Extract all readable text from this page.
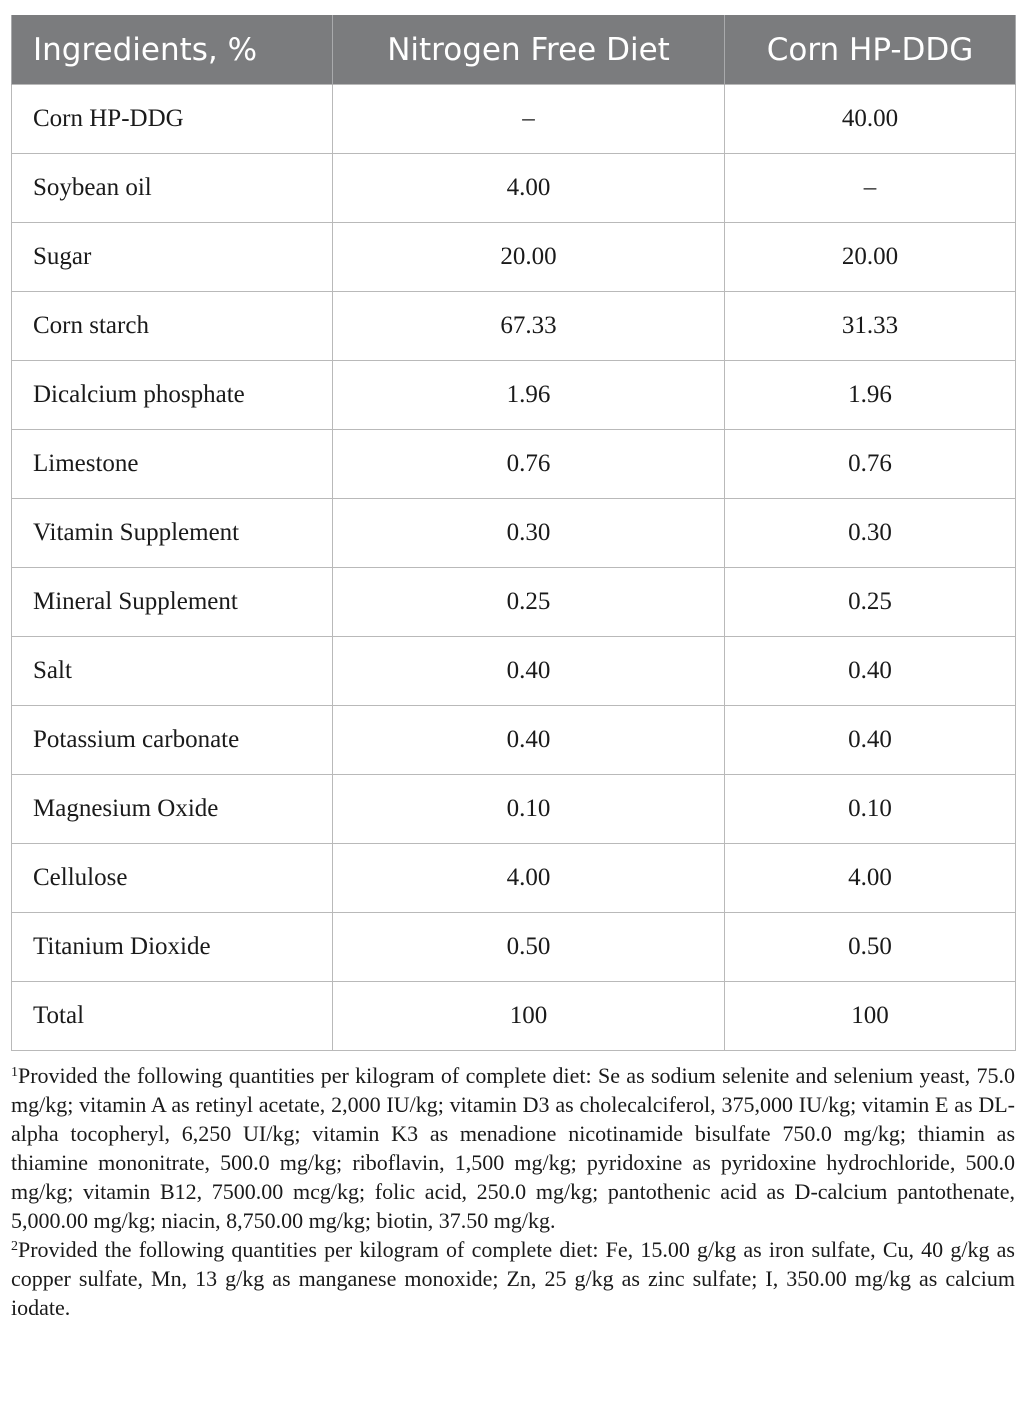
Ingredients, %	Nitrogen Free Diet	Corn HP-DDG
Corn HP-DDG	–	40.00
Soybean oil	4.00	–
Sugar	20.00	20.00
Corn starch	67.33	31.33
Dicalcium phosphate	1.96	1.96
Limestone	0.76	0.76
Vitamin Supplement	0.30	0.30
Mineral Supplement	0.25	0.25
Salt	0.40	0.40
Potassium carbonate	0.40	0.40
Magnesium Oxide	0.10	0.10
Cellulose	4.00	4.00
Titanium Dioxide	0.50	0.50
Total	100	100

$^1$Provided the following quantities per kilogram of complete diet: Se as sodium selenite and selenium yeast, 75.0 mg/kg; vitamin A as retinyl acetate, 2,000 IU/kg; vitamin D3 as cholecalciferol, 375,000 IU/kg; vitamin E as DL-alpha tocopheryl, 6,250 UI/kg; vitamin K3 as menadione nicotinamide bisulfate 750.0 mg/kg; thiamin as thiamine mononitrate, 500.0 mg/kg; riboflavin, 1,500 mg/kg; pyridoxine as pyridoxine hydrochloride, 500.0 mg/kg; vitamin B12, 7500.00 mcg/kg; folic acid, 250.0 mg/kg; pantothenic acid as D-calcium pantothenate, 5,000.00 mg/kg; niacin, 8,750.00 mg/kg; biotin, 37.50 mg/kg.

$^2$Provided the following quantities per kilogram of complete diet: Fe, 15.00 g/kg as iron sulfate, Cu, 40 g/kg as copper sulfate, Mn, 13 g/kg as manganese monoxide; Zn, 25 g/kg as zinc sulfate; I, 350.00 mg/kg as calcium iodate.
